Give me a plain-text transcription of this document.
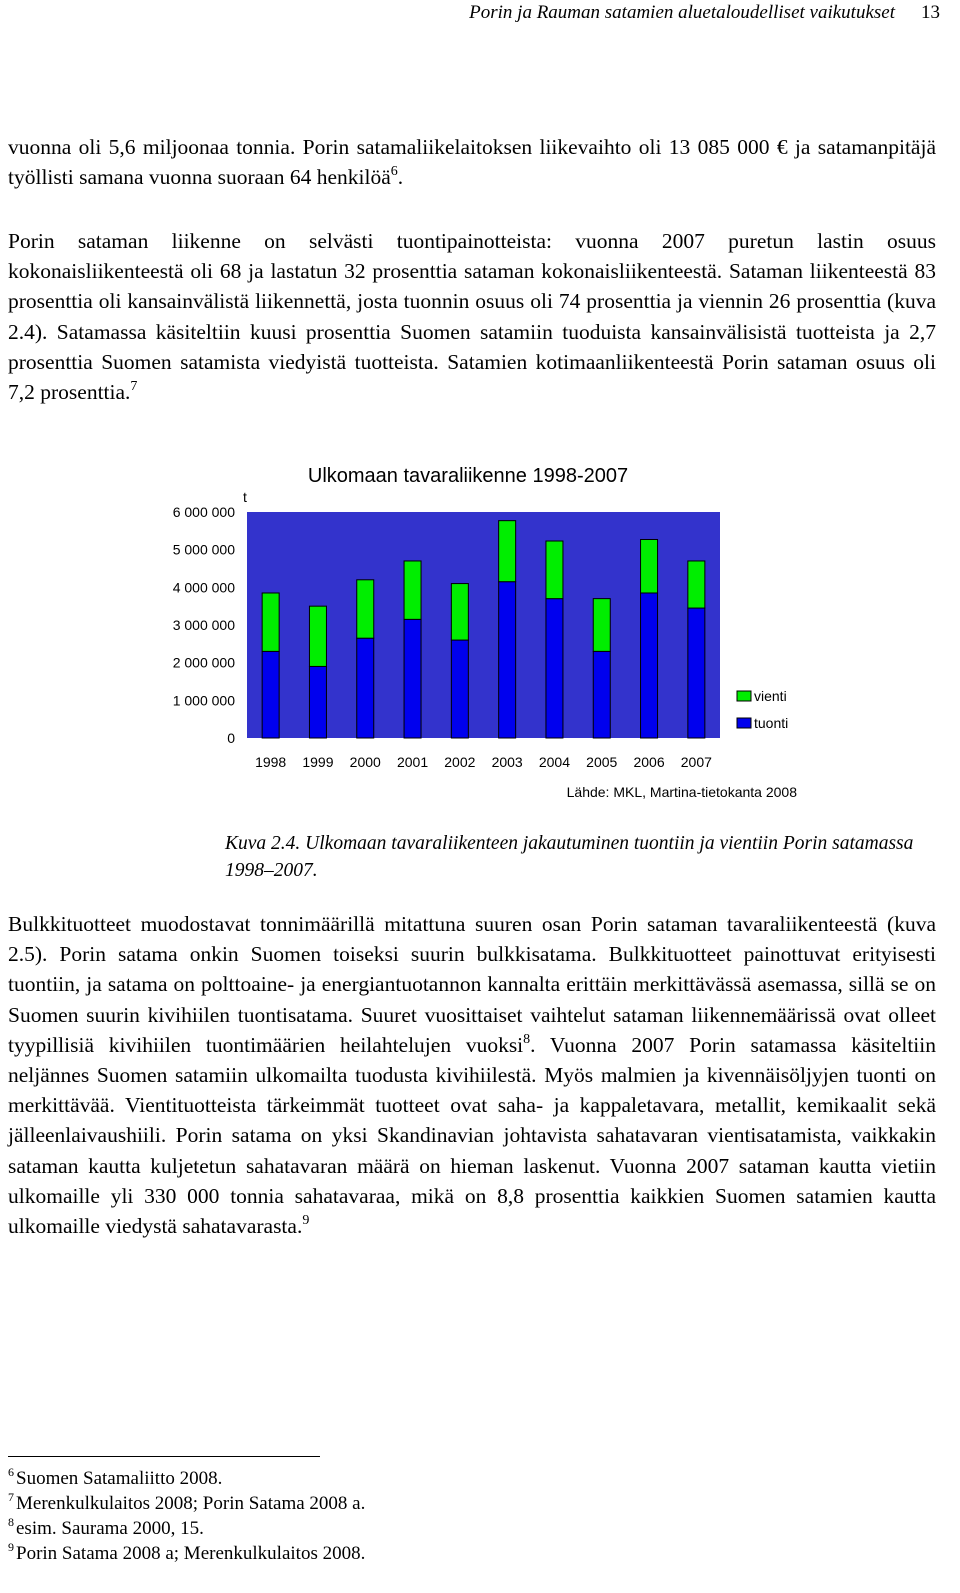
Porin ja Rauman satamien aluetaloudelliset vaikutukset 13

vuonna oli 5,6 miljoonaa tonnia. Porin satamaliikelaitoksen liikevaihto oli 13 085 000 € ja satamanpitäjä työllisti samana vuonna suoraan 64 henkilöä$^6$.

Porin sataman liikenne on selvästi tuontipainotteista: vuonna 2007 puretun lastin osuus kokonaisliikenteestä oli 68 ja lastatun 32 prosenttia sataman kokonaisliikenteestä. Sataman liikenteestä 83 prosenttia oli kansainvälistä liikennettä, josta tuonnin osuus oli 74 prosenttia ja viennin 26 prosenttia (kuva 2.4). Satamassa käsiteltiin kuusi prosenttia Suomen satamiin tuoduista kansainvälisistä tuotteista ja 2,7 prosenttia Suomen satamista viedyistä tuotteista. Satamien kotimaanliikenteestä Porin sataman osuus oli 7,2 prosenttia.$^7$

0
1 000 000
2 000 000
3 000 000
4 000 000
5 000 000
6 000 000
1998 1999 2000 2001 2002 2003 2004 2005 2006 2007
Ulkomaan tavaraliikenne 1998-2007
t
vienti
tuonti
Lähde: MKL, Martina-tietokanta 2008
Kuva 2.4. Ulkomaan tavaraliikenteen jakautuminen tuontiin ja vientiin Porin satamassa 1998–2007.

Bulkkituotteet muodostavat tonnimäärillä mitattuna suuren osan Porin sataman tavaraliikenteestä (kuva 2.5). Porin satama onkin Suomen toiseksi suurin bulkkisatama. Bulkkituotteet painottuvat erityisesti tuontiin, ja satama on polttoaine- ja energiantuotannon kannalta erittäin merkittävässä asemassa, sillä se on Suomen suurin kivihiilen tuontisatama. Suuret vuosittaiset vaihtelut sataman liikennemäärissä ovat olleet tyypillisiä kivihiilen tuontimäärien heilahtelujen vuoksi$^8$. Vuonna 2007 Porin satamassa käsiteltiin neljännes Suomen satamiin ulkomailta tuodusta kivihiilestä. Myös malmien ja kivennäisöljyjen tuonti on merkittävää. Vientituotteista tärkeimmät tuotteet ovat saha- ja kappaletavara, metallit, kemikaalit sekä jälleenlaivaushiili. Porin satama on yksi Skandinavian johtavista sahatavaran vientisatamista, vaikkakin sataman kautta kuljetetun sahatavaran määrä on hieman laskenut. Vuonna 2007 sataman kautta vietiin ulkomaille yli 330 000 tonnia sahatavaraa, mikä on 8,8 prosenttia kaikkien Suomen satamien kautta ulkomaille viedystä sahatavarasta.$^9$

$^6$ Suomen Satamaliitto 2008.
$^7$ Merenkulkulaitos 2008; Porin Satama 2008 a.
$^8$ esim. Saurama 2000, 15.
$^9$ Porin Satama 2008 a; Merenkulkulaitos 2008.
